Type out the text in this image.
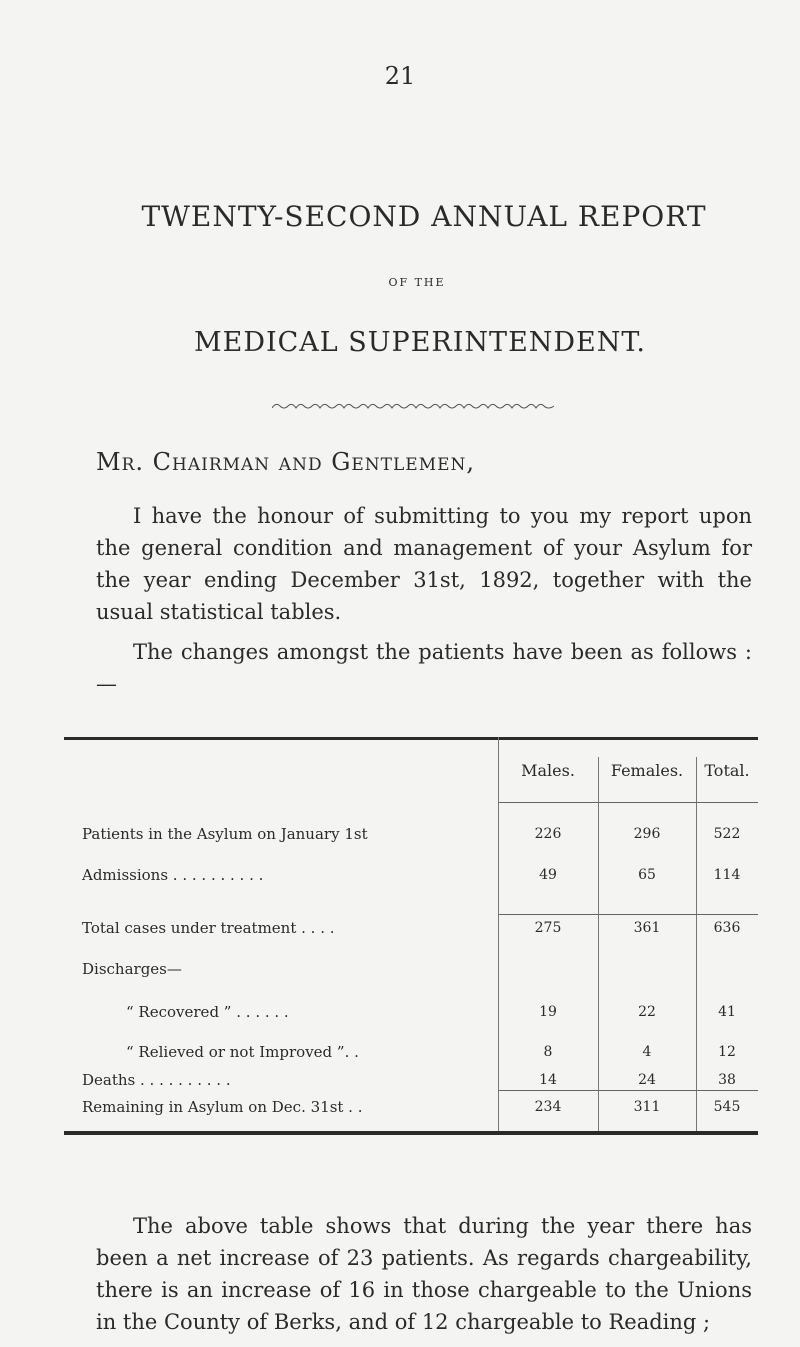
21
TWENTY-SECOND ANNUAL REPORT
OF THE
MEDICAL SUPERINTENDENT.
Mr. Chairman and Gentlemen,
I have the honour of submitting to you my report upon the general condition and management of your Asylum for the year ending December 31st, 1892, together with the usual statistical tables.
The changes amongst the patients have been as follows :—
Males.	Females.	Total.
Patients in the Asylum on January 1st	226	296	522
Admissions . . . . . . . . . .	49	65	114
Total cases under treatment . . . .	275	361	636
Discharges—
“ Recovered ” . . . . . .	19	22	41
“ Relieved or not Improved ”. .	8	4	12
Deaths . . . . . . . . . .	14	24	38
Remaining in Asylum on Dec. 31st . .	234	311	545
The above table shows that during the year there has been a net increase of 23 patients. As regards chargeability, there is an increase of 16 in those chargeable to the Unions in the County of Berks, and of 12 chargeable to Reading ;
